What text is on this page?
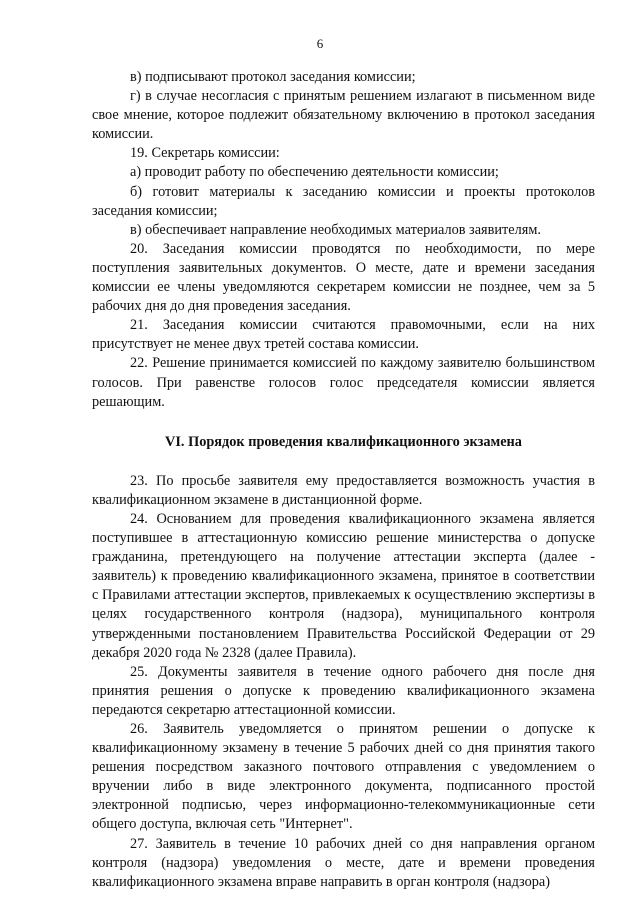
6

в) подписывают протокол заседания комиссии;

г) в случае несогласия с принятым решением излагают в письменном виде свое мнение, которое подлежит обязательному включению в протокол заседания комиссии.

19. Секретарь комиссии:

а) проводит работу по обеспечению деятельности комиссии;

б) готовит материалы к заседанию комиссии и проекты протоколов заседания комиссии;

в) обеспечивает направление необходимых материалов заявителям.

20. Заседания комиссии проводятся по необходимости, по мере поступления заявительных документов. О месте, дате и времени заседания комиссии ее члены уведомляются секретарем комиссии не позднее, чем за 5 рабочих дня до дня проведения заседания.

21. Заседания комиссии считаются правомочными, если на них присутствует не менее двух третей состава комиссии.

22. Решение принимается комиссией по каждому заявителю большинством голосов. При равенстве голосов голос председателя комиссии является решающим.

VI. Порядок проведения квалификационного экзамена

23. По просьбе заявителя ему предоставляется возможность участия в квалификационном экзамене в дистанционной форме.

24. Основанием для проведения квалификационного экзамена является поступившее в аттестационную комиссию решение министерства о допуске гражданина, претендующего на получение аттестации эксперта (далее - заявитель) к проведению квалификационного экзамена, принятое в соответствии с Правилами аттестации экспертов, привлекаемых к осуществлению экспертизы в целях государственного контроля (надзора), муниципального контроля утвержденными постановлением Правительства Российской Федерации от 29 декабря 2020 года № 2328 (далее Правила).

25. Документы заявителя в течение одного рабочего дня после дня принятия решения о допуске к проведению квалификационного экзамена передаются секретарю аттестационной комиссии.

26. Заявитель уведомляется о принятом решении о допуске к квалификационному экзамену в течение 5 рабочих дней со дня принятия такого решения посредством заказного почтового отправления с уведомлением о вручении либо в виде электронного документа, подписанного простой электронной подписью, через информационно-телекоммуникационные сети общего доступа, включая сеть "Интернет".

27. Заявитель в течение 10 рабочих дней со дня направления органом контроля (надзора) уведомления о месте, дате и времени проведения квалификационного экзамена вправе направить в орган контроля (надзора)
